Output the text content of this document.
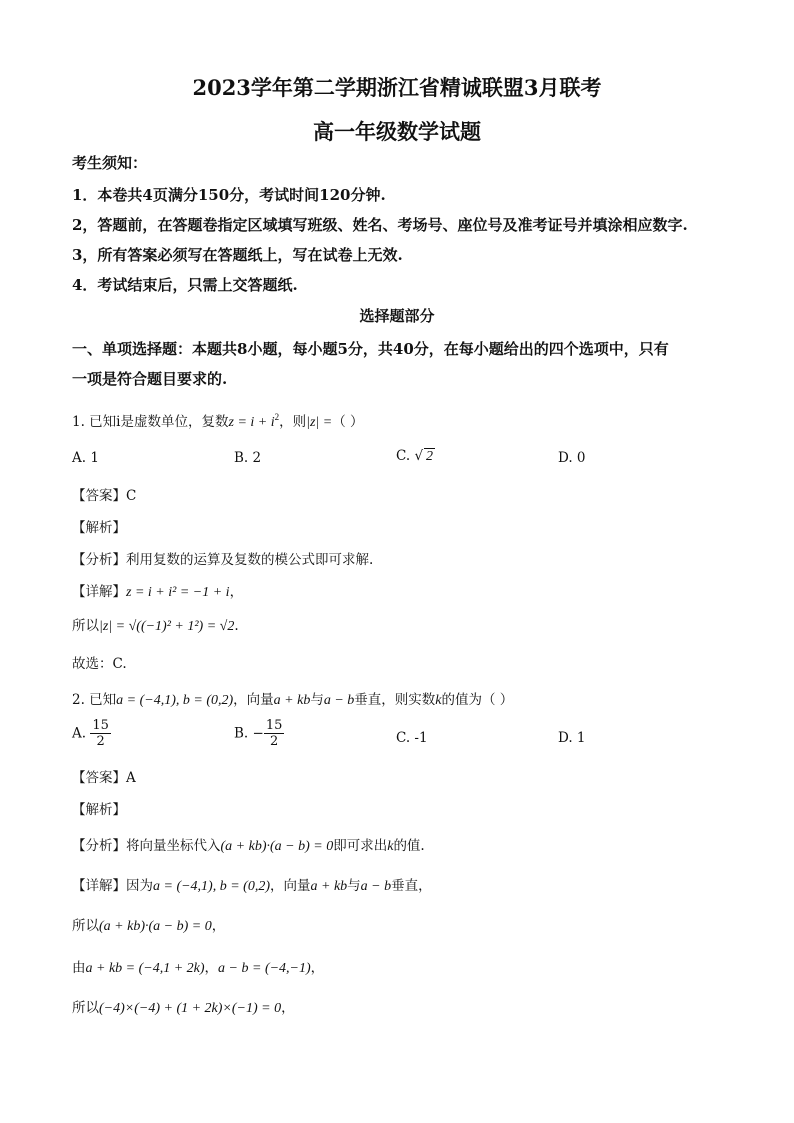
2023学年第二学期浙江省精诚联盟3月联考
高一年级数学试题
考生须知：
1．本卷共4页满分150分，考试时间120分钟.
2，答题前，在答题卷指定区域填写班级、姓名、考场号、座位号及准考证号并填涂相应数字.
3，所有答案必须写在答题纸上，写在试卷上无效.
4．考试结束后，只需上交答题纸.
选择题部分
一、单项选择题：本题共8小题，每小题5分，共40分，在每小题给出的四个选项中，只有
一项是符合题目要求的.
1. 已知i是虚数单位，复数$z = i + i^2$，则|z| =（ ）
A. 1	B. 2	C. √ 2	D. 0
【答案】C
【解析】
【分析】利用复数的运算及复数的模公式即可求解.
【详解】z = i + i² = −1 + i，
所以|z| = √((−1)² + 1²) = √2.
故选：C.
2. 已知a = (−4,1), b = (0,2)，向量a + kb与a − b垂直，则实数k的值为（ ）
A. $\frac{15}{2}$	B. − $\frac{15}{2}$	C. -1	D. 1
【答案】A
【解析】
【分析】将向量坐标代入(a + kb)·(a − b) = 0即可求出k的值.
【详解】因为a = (−4,1), b = (0,2)，向量a + kb与a − b垂直，
所以(a + kb)·(a − b) = 0，
由a + kb = (−4,1 + 2k)，a − b = (−4,−1)，
所以(−4)×(−4) + (1 + 2k)×(−1) = 0，
